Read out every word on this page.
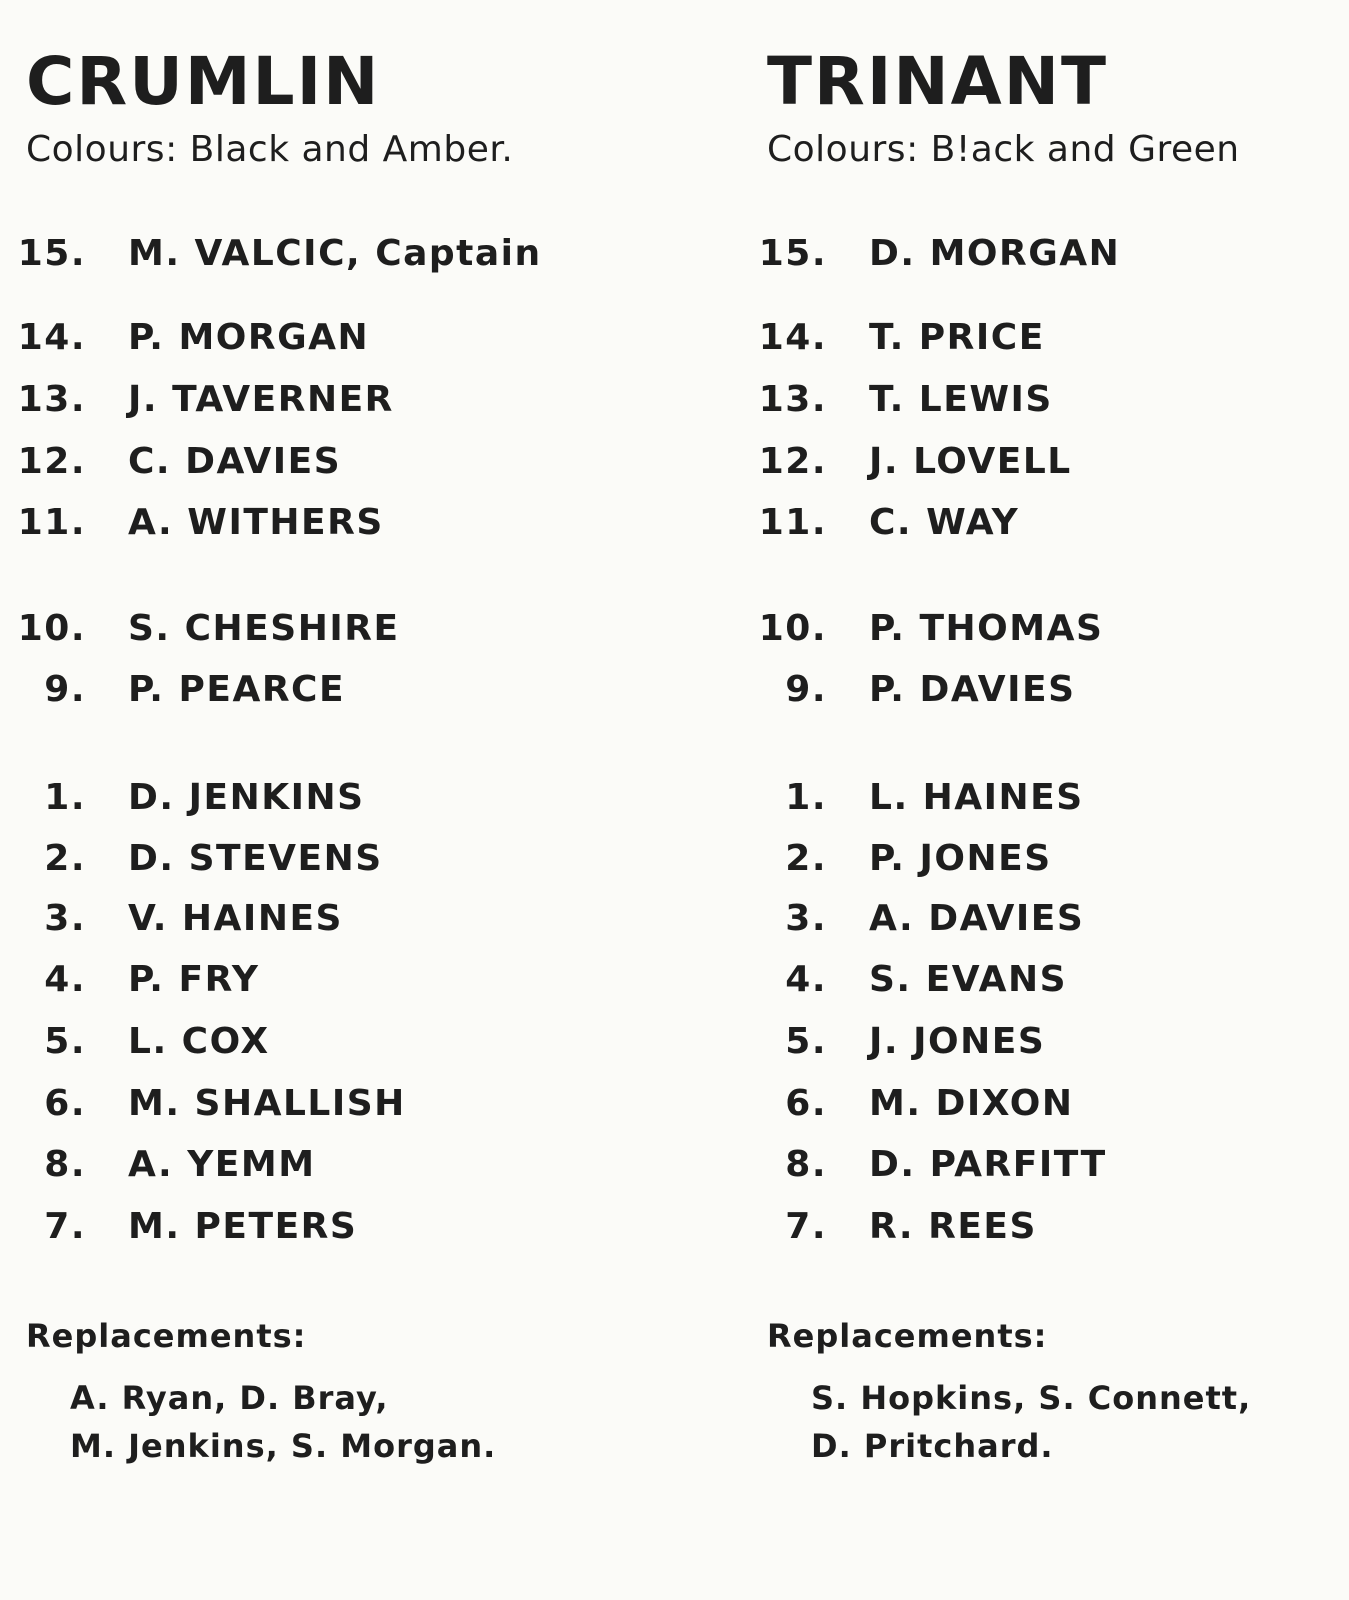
CRUMLIN
Colours: Black and Amber.
15. M. VALCIC, Captain
14. P. MORGAN
13. J. TAVERNER
12. C. DAVIES
11. A. WITHERS
10. S. CHESHIRE
9. P. PEARCE
1. D. JENKINS
2. D. STEVENS
3. V. HAINES
4. P. FRY
5. L. COX
6. M. SHALLISH
8. A. YEMM
7. M. PETERS
Replacements:
A. Ryan, D. Bray,
M. Jenkins, S. Morgan.
TRINANT
Colours: B!ack and Green
15. D. MORGAN
14. T. PRICE
13. T. LEWIS
12. J. LOVELL
11. C. WAY
10. P. THOMAS
9. P. DAVIES
1. L. HAINES
2. P. JONES
3. A. DAVIES
4. S. EVANS
5. J. JONES
6. M. DIXON
8. D. PARFITT
7. R. REES
Replacements:
S. Hopkins, S. Connett,
D. Pritchard.
